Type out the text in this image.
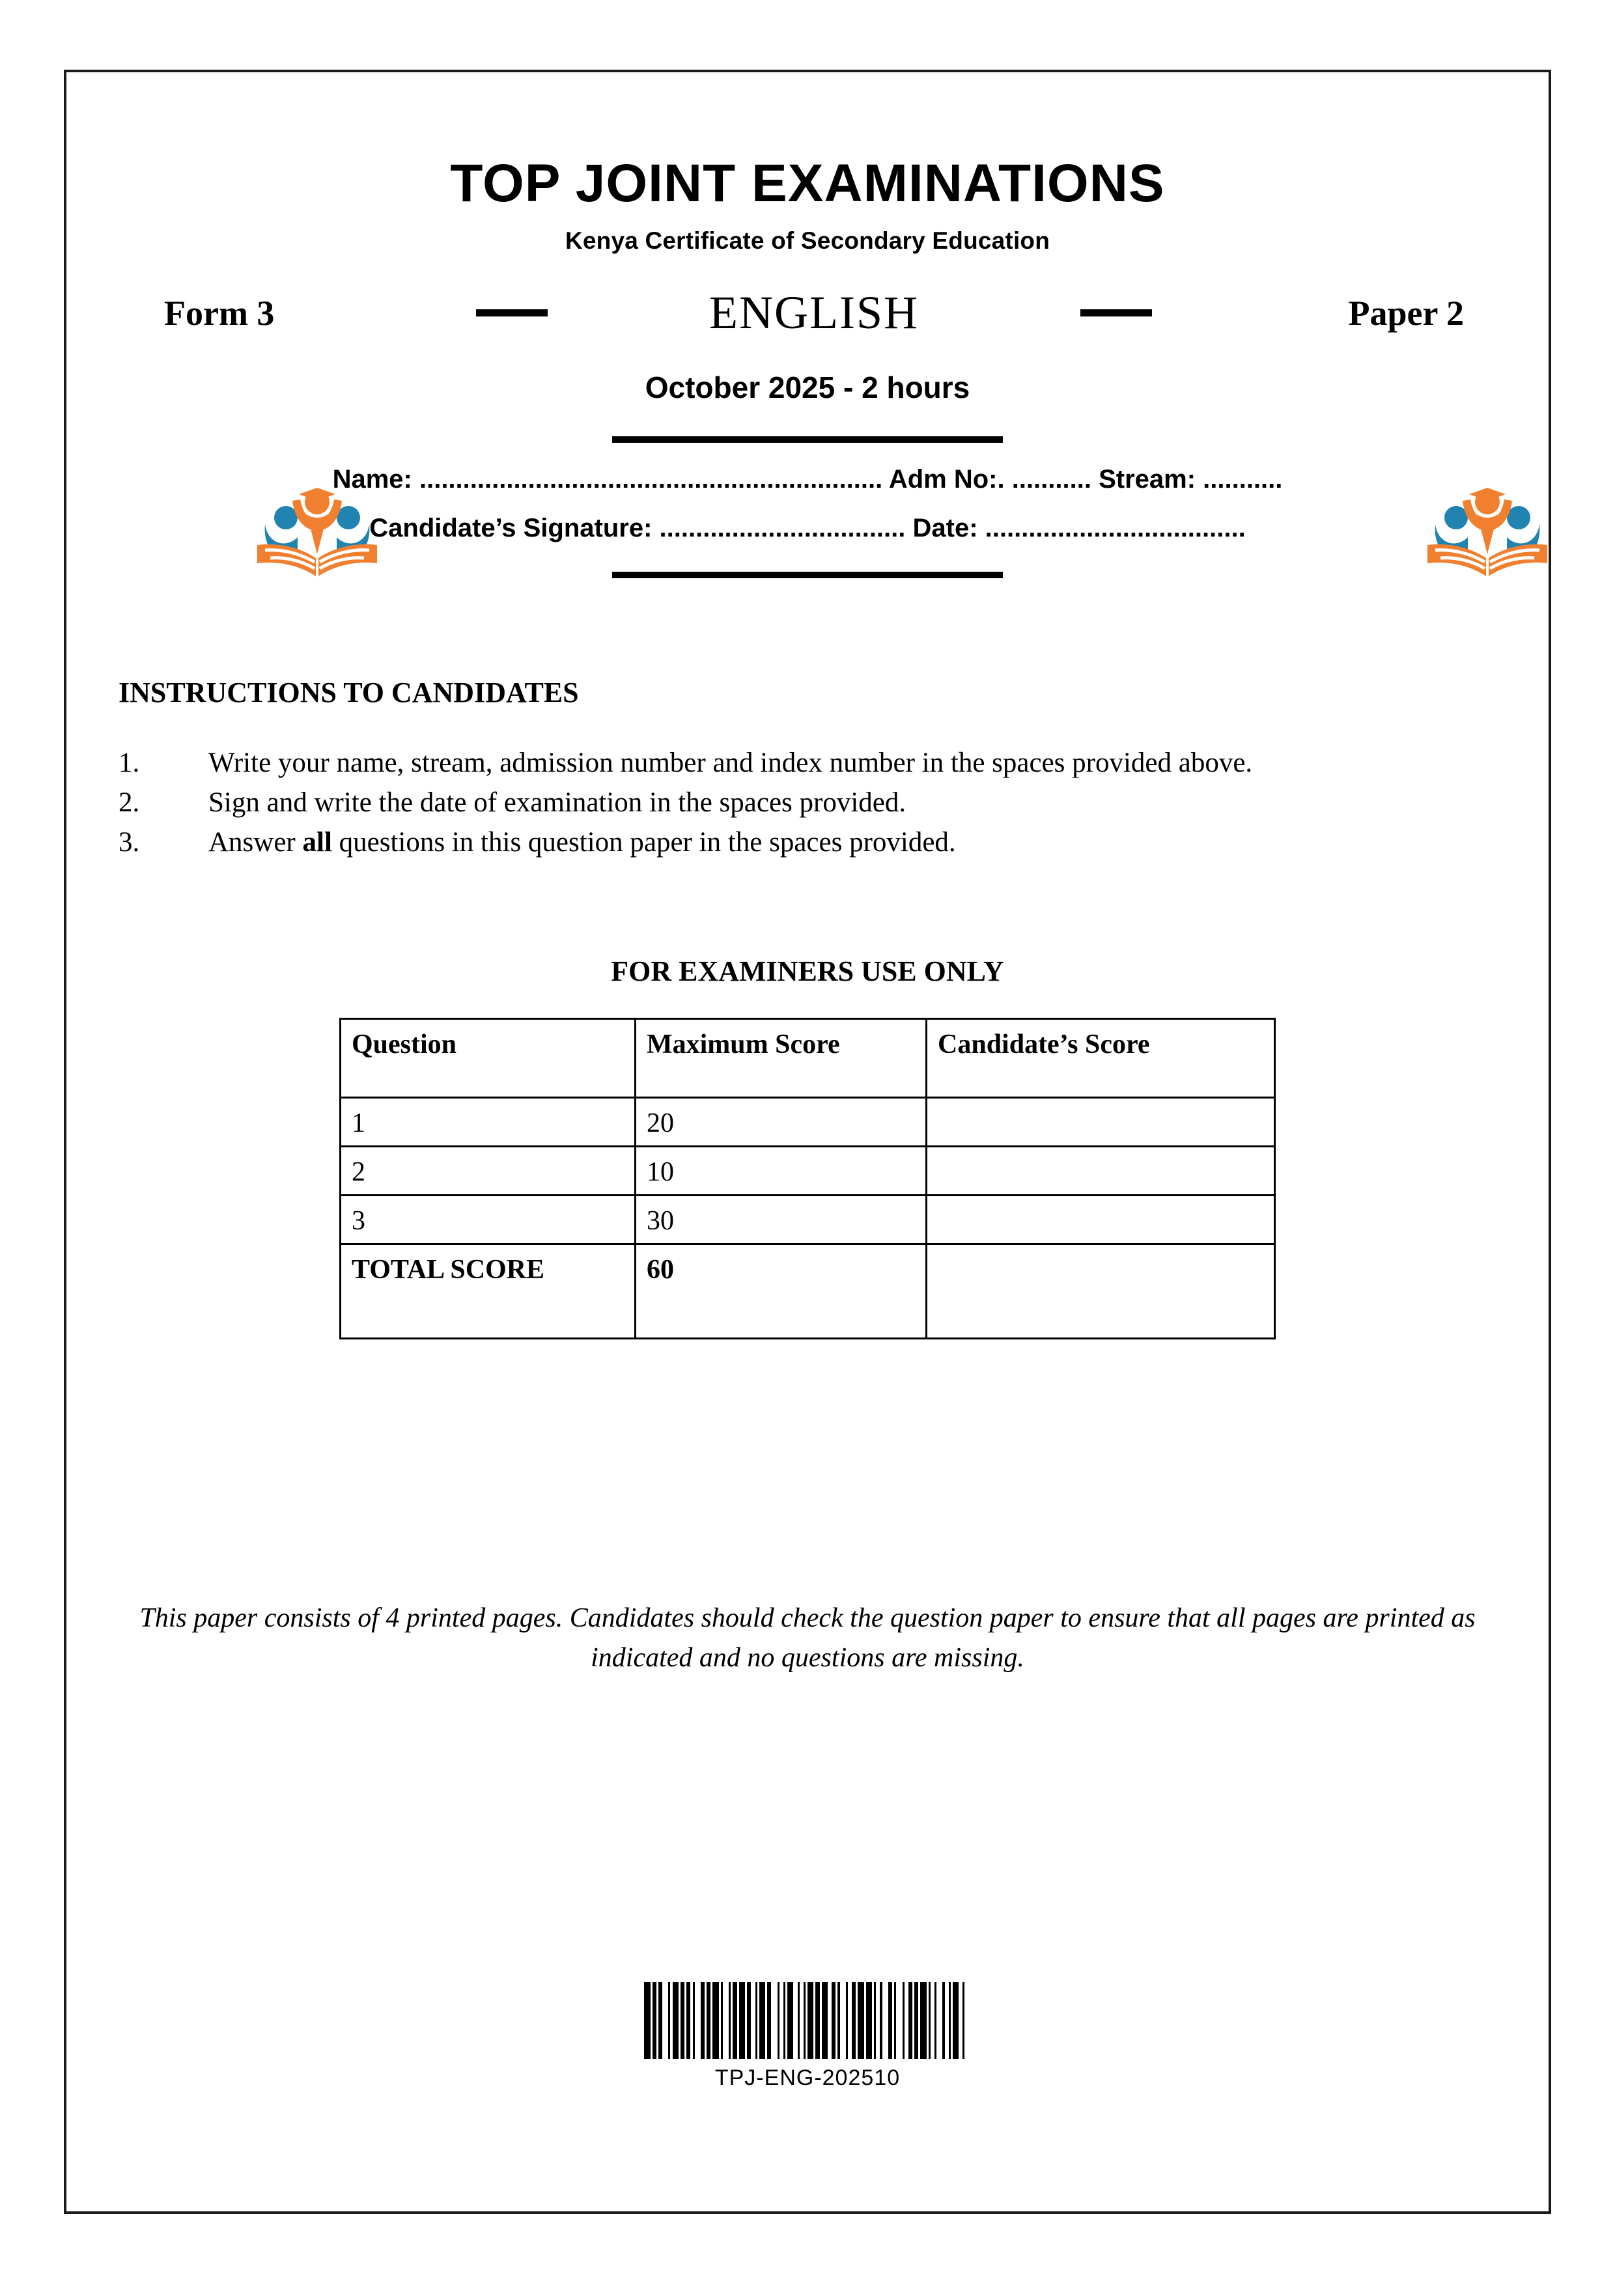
TOP JOINT EXAMINATIONS
Kenya Certificate of Secondary Education
Form 3	ENGLISH	Paper 2
October 2025 - 2 hours
Name: ................................................................ Adm No:. ........... Stream: ...........
Candidate’s Signature: .................................. Date: ....................................
INSTRUCTIONS TO CANDIDATES
1.	Write your name, stream, admission number and index number in the spaces provided above.
2.	Sign and write the date of examination in the spaces provided.
3.	Answer all questions in this question paper in the spaces provided.
FOR EXAMINERS USE ONLY
Question	Maximum Score	Candidate’s Score
1	20	
2	10	
3	30	
TOTAL SCORE	60	
This paper consists of 4 printed pages. Candidates should check the question paper to ensure that all pages are printed as indicated and no questions are missing.
TPJ-ENG-202510
